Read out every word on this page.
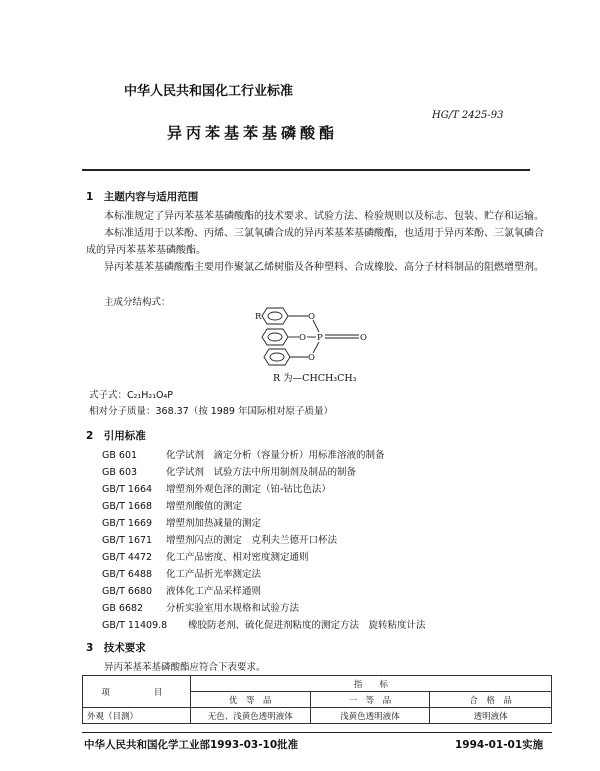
中华人民共和国化工行业标准
HG/T 2425-93
异丙苯基苯基磷酸酯
1　主题内容与适用范围
本标准规定了异丙苯基苯基磷酸酯的技术要求、试验方法、检验规则以及标志、包装、贮存和运输。
本标准适用于以苯酚、丙烯、三氯氧磷合成的异丙苯基苯基磷酸酯，也适用于异丙苯酚、三氯氧磷合成的异丙苯基苯基磷酸酯。
异丙苯基苯基磷酸酯主要用作聚氯乙烯树脂及各种塑料、合成橡胶、高分子材料制品的阻燃增塑剂。
主成分结构式：
R	O
O P	O
O
R 为—CHCH₃CH₃
式子式：C₂₁H₂₁O₄P
相对分子质量：368.37（按 1989 年国际相对原子质量）
2　引用标准
GB 601	化学试剂　滴定分析（容量分析）用标准溶液的制备
GB 603	化学试剂　试验方法中所用制剂及制品的制备
GB/T 1664 增塑剂外观色泽的测定（铂-钴比色法）
GB/T 1668 增塑剂酸值的测定
GB/T 1669 增塑剂加热减量的测定
GB/T 1671 增塑剂闪点的测定　克利夫兰德开口杯法
GB/T 4472 化工产品密度、相对密度测定通则
GB/T 6488 化工产品折光率测定法
GB/T 6680 液体化工产品采样通则
GB 6682 分析实验室用水规格和试验方法
GB/T 11409.8 橡胶防老剂、硫化促进剂粘度的测定方法　旋转粘度计法
3　技术要求
异丙苯基苯基磷酸酯应符合下表要求。
项　　目	指　　标		
	优　等　品	一　等　品	合　格　品
外观（目测）	无色、浅黄色透明液体	浅黄色透明液体	透明液体
中华人民共和国化学工业部1993-03-10批准	1994-01-01实施
